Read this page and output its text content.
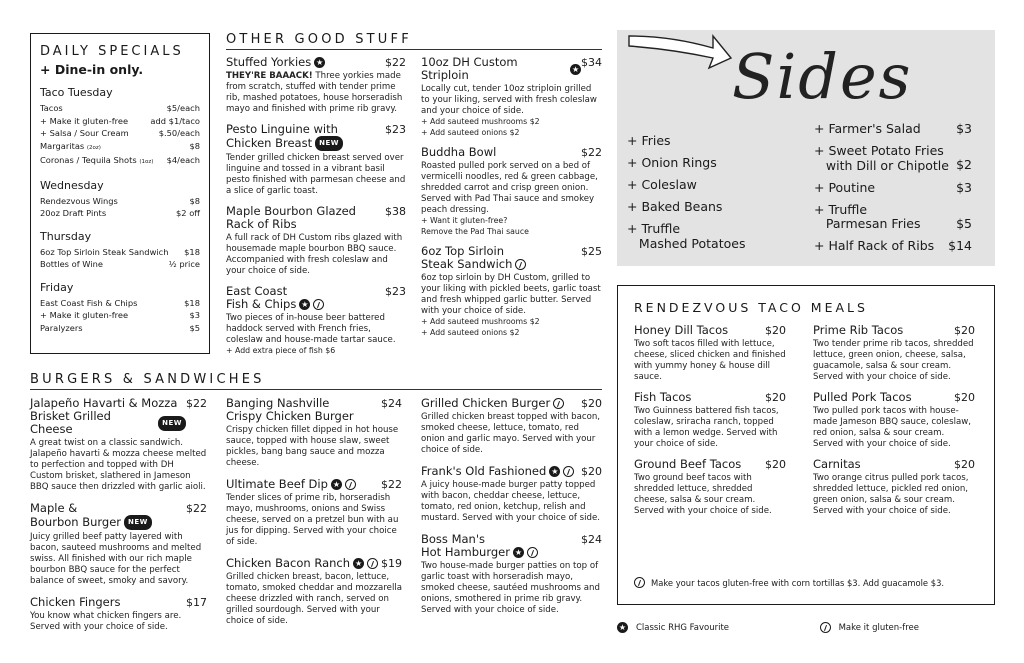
DAILY SPECIALS
+ Dine-in only.
Taco Tuesday
Tacos	$5/each
+ Make it gluten-free	add $1/taco
+ Salsa / Sour Cream	$.50/each
Margaritas (2oz)	$8
Coronas / Tequila Shots (1oz) $4/each
Wednesday
Rendezvous Wings	$8
20oz Draft Pints	$2 off
Thursday
6oz Top Sirloin Steak Sandwich $18
Bottles of Wine	½ price
Friday
East Coast Fish & Chips	$18
+ Make it gluten-free	$3
Paralyzers	$5
OTHER GOOD STUFF
Stuffed Yorkies ★	$22
THEY'RE BAAACK! Three yorkies made from scratch, stuffed with tender prime rib, mashed potatoes, house horseradish mayo and finished with prime rib gravy.
Pesto Linguine with
Chicken Breast	NEW
$23
Tender grilled chicken breast served over linguine and tossed in a vibrant basil pesto finished with parmesan cheese and a slice of garlic toast.
Maple Bourbon Glazed
Rack of Ribs
$38
A full rack of DH Custom ribs glazed with housemade maple bourbon BBQ sauce. Accompanied with fresh coleslaw and your choice of side.
East Coast
Fish & Chips
★
$23
Two pieces of in-house beer battered haddock served with French fries, coleslaw and house-made tartar sauce.
+ Add extra piece of fish $6
10oz DH Custom Striploin
★
$34
Locally cut, tender 10oz striploin grilled to your liking, served with fresh coleslaw and your choice of side.
+ Add sauteed mushrooms $2
+ Add sauteed onions $2
Buddha Bowl	$22
Roasted pulled pork served on a bed of vermicelli noodles, red & green cabbage, shredded carrot and crisp green onion. Served with Pad Thai sauce and smokey peach dressing.
+ Want it gluten-free?
Remove the Pad Thai sauce
6oz Top Sirloin
Steak Sandwich
$25
6oz top sirloin by DH Custom, grilled to your liking with pickled beets, garlic toast and fresh whipped garlic butter. Served with your choice of side.
+ Add sauteed mushrooms $2
+ Add sauteed onions $2
Sides
+ Fries
+ Onion Rings
+ Coleslaw
+ Baked Beans
+ Truffle
Mashed Potatoes
+ Farmer's Salad	$3
+ Sweet Potato Fries
with Dill or Chipotle $2
+ Poutine	$3
+ Truffle
Parmesan Fries	$5
+ Half Rack of Ribs $14
RENDEZVOUS TACO MEALS
Honey Dill Tacos	$20
Two soft tacos filled with lettuce, cheese, sliced chicken and finished with yummy honey & house dill sauce.
Fish Tacos	$20
Two Guinness battered fish tacos, coleslaw, sriracha ranch, topped with a lemon wedge. Served with your choice of side.
Ground Beef Tacos $20
Two ground beef tacos with shredded lettuce, shredded cheese, salsa & sour cream. Served with your choice of side.
Prime Rib Tacos	$20
Two tender prime rib tacos, shredded lettuce, green onion, cheese, salsa, guacamole, salsa & sour cream. Served with your choice of side.
Pulled Pork Tacos	$20
Two pulled pork tacos with house-made Jameson BBQ sauce, coleslaw, red onion, salsa & sour cream. Served with your choice of side.
Carnitas	$20
Two orange citrus pulled pork tacos, shredded lettuce, pickled red onion, green onion, salsa & sour cream. Served with your choice of side.
Make your tacos gluten-free with corn tortillas $3. Add guacamole $3.
BURGERS & SANDWICHES
Jalapeño Havarti & Mozza
Brisket Grilled Cheese	NEW
$22
A great twist on a classic sandwich. Jalapeño havarti & mozza cheese melted to perfection and topped with DH Custom brisket, slathered in Jameson BBQ sauce then drizzled with garlic aioli.
Maple &
Bourbon Burger	NEW
$22
Juicy grilled beef patty layered with bacon, sauteed mushrooms and melted swiss. All finished with our rich maple bourbon BBQ sauce for the perfect balance of sweet, smoky and savory.
Chicken Fingers	$17
You know what chicken fingers are. Served with your choice of side.
Banging Nashville
Crispy Chicken Burger
$24
Crispy chicken fillet dipped in hot house sauce, topped with house slaw, sweet pickles, bang bang sauce and mozza cheese.
Ultimate Beef Dip ★	$22
Tender slices of prime rib, horseradish mayo, mushrooms, onions and Swiss cheese, served on a pretzel bun with au jus for dipping. Served with your choice of side.
Chicken Bacon Ranch ★	$19
Grilled chicken breast, bacon, lettuce, tomato, smoked cheddar and mozzarella cheese drizzled with ranch, served on grilled sourdough. Served with your choice of side.
Grilled Chicken Burger	$20
Grilled chicken breast topped with bacon, smoked cheese, lettuce, tomato, red onion and garlic mayo. Served with your choice of side.
Frank's Old Fashioned ★	$20
A juicy house-made burger patty topped with bacon, cheddar cheese, lettuce, tomato, red onion, ketchup, relish and mustard. Served with your choice of side.
Boss Man's
Hot Hamburger
★
$24
Two house-made burger patties on top of garlic toast with horseradish mayo, smoked cheese, sautéed mushrooms and onions, smothered in prime rib gravy. Served with your choice of side.
★
Classic RHG Favourite	Make it gluten-free
